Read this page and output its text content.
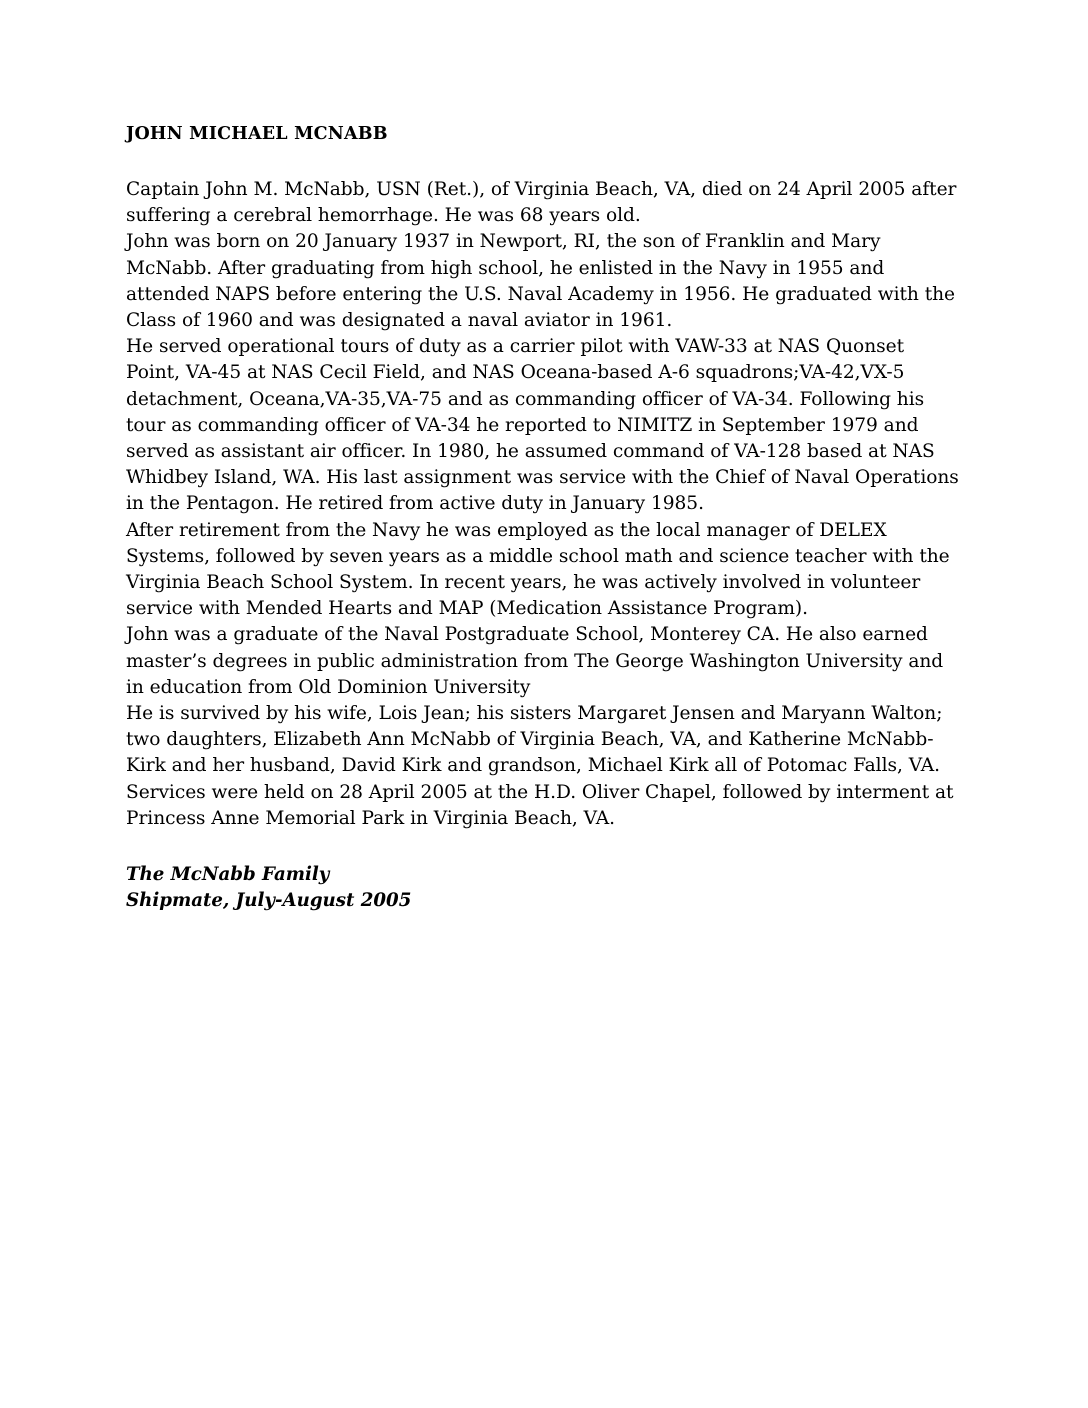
JOHN MICHAEL MCNABB

Captain John M. McNabb, USN (Ret.), of Virginia Beach, VA, died on 24 April 2005 after suffering a cerebral hemorrhage. He was 68 years old.

John was born on 20 January 1937 in Newport, RI, the son of Franklin and Mary McNabb. After graduating from high school, he enlisted in the Navy in 1955 and attended NAPS before entering the U.S. Naval Academy in 1956. He graduated with the Class of 1960 and was designated a naval aviator in 1961.

He served operational tours of duty as a carrier pilot with VAW-33 at NAS Quonset Point, VA-45 at NAS Cecil Field, and NAS Oceana-based A-6 squadrons;VA-42,VX-5 detachment, Oceana,VA-35,VA-75 and as commanding officer of VA-34. Following his tour as commanding officer of VA-34 he reported to NIMITZ in September 1979 and served as assistant air officer. In 1980, he assumed command of VA-128 based at NAS Whidbey Island, WA. His last assignment was service with the Chief of Naval Operations in the Pentagon. He retired from active duty in January 1985.

After retirement from the Navy he was employed as the local manager of DELEX Systems, followed by seven years as a middle school math and science teacher with the Virginia Beach School System. In recent years, he was actively involved in volunteer service with Mended Hearts and MAP (Medication Assistance Program).

John was a graduate of the Naval Postgraduate School, Monterey CA. He also earned master’s degrees in public administration from The George Washington University and in education from Old Dominion University

He is survived by his wife, Lois Jean; his sisters Margaret Jensen and Maryann Walton; two daughters, Elizabeth Ann McNabb of Virginia Beach, VA, and Katherine McNabb-Kirk and her husband, David Kirk and grandson, Michael Kirk all of Potomac Falls, VA. Services were held on 28 April 2005 at the H.D. Oliver Chapel, followed by interment at Princess Anne Memorial Park in Virginia Beach, VA.

The McNabb Family
Shipmate, July-August 2005
